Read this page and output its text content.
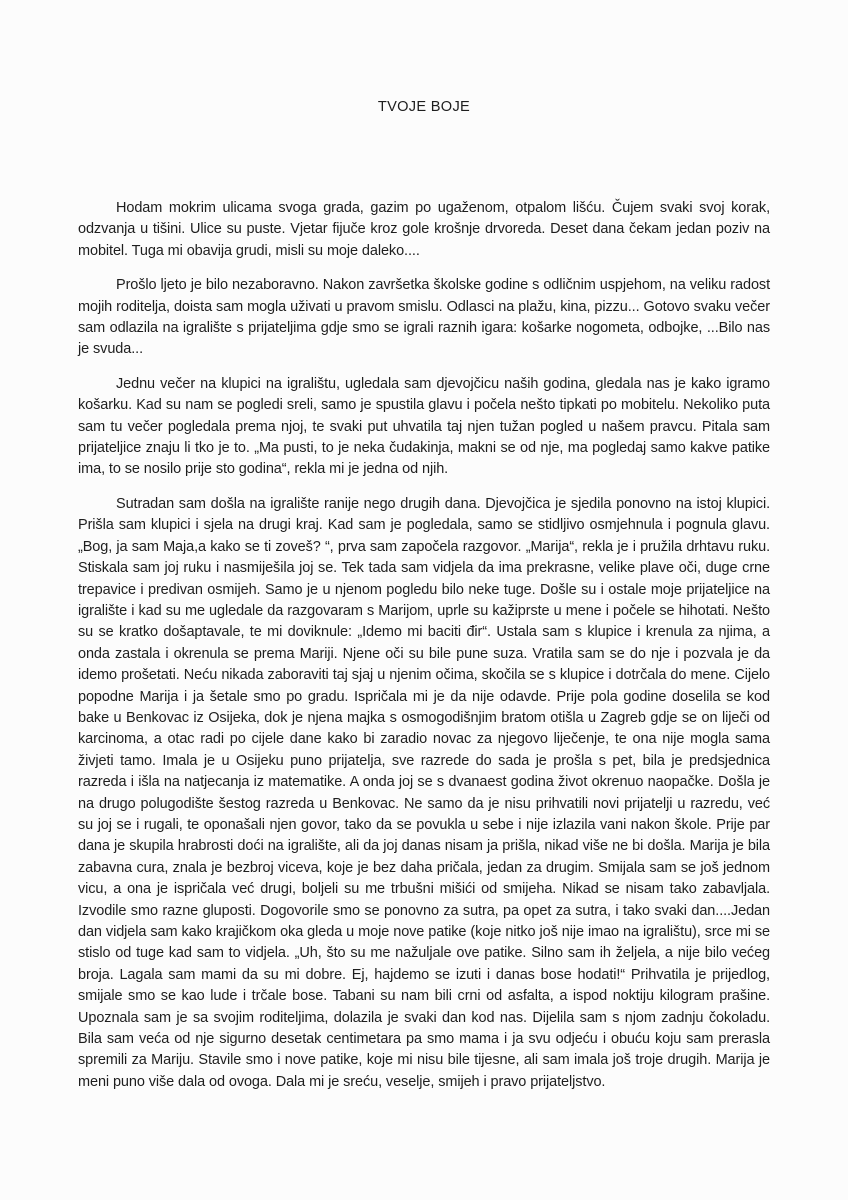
TVOJE BOJE

Hodam mokrim ulicama svoga grada, gazim po ugaženom, otpalom lišću. Čujem svaki svoj korak, odzvanja u tišini. Ulice su puste. Vjetar fijuče kroz gole krošnje drvoreda. Deset dana čekam jedan poziv na mobitel. Tuga mi obavija grudi, misli su moje daleko....

Prošlo ljeto je bilo nezaboravno. Nakon završetka školske godine s odličnim uspjehom, na veliku radost mojih roditelja, doista sam mogla uživati u pravom smislu. Odlasci na plažu, kina, pizzu... Gotovo svaku večer sam odlazila na igralište s prijateljima gdje smo se igrali raznih igara: košarke nogometa, odbojke, ...Bilo nas je svuda...

Jednu večer na klupici na igralištu, ugledala sam djevojčicu naših godina, gledala nas je kako igramo košarku. Kad su nam se pogledi sreli, samo je spustila glavu i počela nešto tipkati po mobitelu. Nekoliko puta sam tu večer pogledala prema njoj, te svaki put uhvatila taj njen tužan pogled u našem pravcu. Pitala sam prijateljice znaju li tko je to. „Ma pusti, to je neka čudakinja, makni se od nje, ma pogledaj samo kakve patike ima, to se nosilo prije sto godina“, rekla mi je jedna od njih.

Sutradan sam došla na igralište ranije nego drugih dana. Djevojčica je sjedila ponovno na istoj klupici. Prišla sam klupici i sjela na drugi kraj. Kad sam je pogledala, samo se stidljivo osmjehnula i pognula glavu. „Bog, ja sam Maja,a kako se ti zoveš? “, prva sam započela razgovor. „Marija“, rekla je i pružila drhtavu ruku. Stiskala sam joj ruku i nasmiješila joj se. Tek tada sam vidjela da ima prekrasne, velike plave oči, duge crne trepavice i predivan osmijeh. Samo je u njenom pogledu bilo neke tuge. Došle su i ostale moje prijateljice na igralište i kad su me ugledale da razgovaram s Marijom, uprle su kažiprste u mene i počele se hihotati. Nešto su se kratko došaptavale, te mi doviknule: „Idemo mi baciti đir“. Ustala sam s klupice i krenula za njima, a onda zastala i okrenula se prema Mariji. Njene oči su bile pune suza. Vratila sam se do nje i pozvala je da idemo prošetati. Neću nikada zaboraviti taj sjaj u njenim očima, skočila se s klupice i dotrčala do mene. Cijelo popodne Marija i ja šetale smo po gradu. Ispričala mi je da nije odavde. Prije pola godine doselila se kod bake u Benkovac iz Osijeka, dok je njena majka s osmogodišnjim bratom otišla u Zagreb gdje se on liječi od karcinoma, a otac radi po cijele dane kako bi zaradio novac za njegovo liječenje, te ona nije mogla sama živjeti tamo. Imala je u Osijeku puno prijatelja, sve razrede do sada je prošla s pet, bila je predsjednica razreda i išla na natjecanja iz matematike. A onda joj se s dvanaest godina život okrenuo naopačke. Došla je na drugo polugodište šestog razreda u Benkovac. Ne samo da je nisu prihvatili novi prijatelji u razredu, već su joj se i rugali, te oponašali njen govor, tako da se povukla u sebe i nije izlazila vani nakon škole. Prije par dana je skupila hrabrosti doći na igralište, ali da joj danas nisam ja prišla, nikad više ne bi došla. Marija je bila zabavna cura, znala je bezbroj viceva, koje je bez daha pričala, jedan za drugim. Smijala sam se još jednom vicu, a ona je ispričala već drugi, boljeli su me trbušni mišići od smijeha. Nikad se nisam tako zabavljala. Izvodile smo razne gluposti. Dogovorile smo se ponovno za sutra, pa opet za sutra, i tako svaki dan....Jedan dan vidjela sam kako krajičkom oka gleda u moje nove patike (koje nitko još nije imao na igralištu), srce mi se stislo od tuge kad sam to vidjela. „Uh, što su me nažuljale ove patike. Silno sam ih željela, a nije bilo većeg broja. Lagala sam mami da su mi dobre. Ej, hajdemo se izuti i danas bose hodati!“ Prihvatila je prijedlog, smijale smo se kao lude i trčale bose. Tabani su nam bili crni od asfalta, a ispod noktiju kilogram prašine. Upoznala sam je sa svojim roditeljima, dolazila je svaki dan kod nas. Dijelila sam s njom zadnju čokoladu. Bila sam veća od nje sigurno desetak centimetara pa smo mama i ja svu odjeću i obuću koju sam prerasla spremili za Mariju. Stavile smo i nove patike, koje mi nisu bile tijesne, ali sam imala još troje drugih. Marija je meni puno više dala od ovoga. Dala mi je sreću, veselje, smijeh i pravo prijateljstvo.
